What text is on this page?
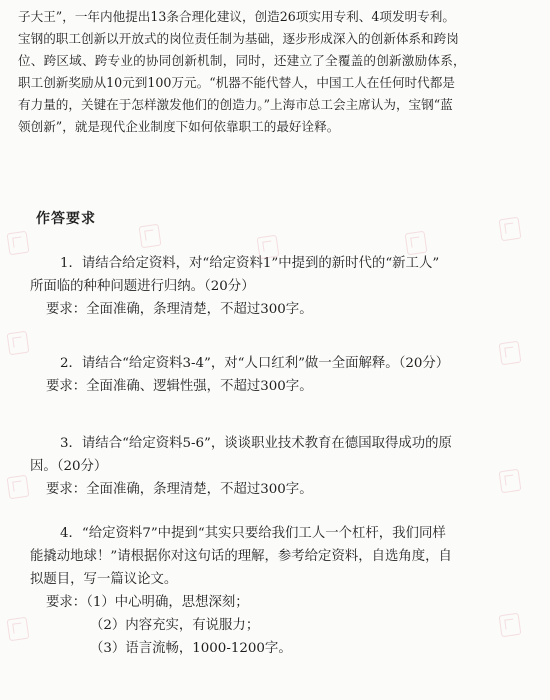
子大王”，一年内他提出13条合理化建议，创造26项实用专利、4项发明专利。
宝钢的职工创新以开放式的岗位责任制为基础，逐步形成深入的创新体系和跨岗
位、跨区域、跨专业的协同创新机制，同时，还建立了全覆盖的创新激励体系，
职工创新奖励从10元到100万元。“机器不能代替人，中国工人在任何时代都是
有力量的，关键在于怎样激发他们的创造力。”上海市总工会主席认为，宝钢“蓝
领创新”，就是现代企业制度下如何依靠职工的最好诠释。
作答要求
1．请结合给定资料，对“给定资料1”中提到的新时代的“新工人”
所面临的种种问题进行归纳。（20分）
要求：全面准确，条理清楚，不超过300字。
2．请结合“给定资料3-4”，对“人口红利”做一全面解释。（20分）
要求：全面准确、逻辑性强，不超过300字。
3．请结合“给定资料5-6”，谈谈职业技术教育在德国取得成功的原
因。（20分）
要求：全面准确，条理清楚，不超过300字。
4．“给定资料7”中提到“其实只要给我们工人一个杠杆，我们同样
能撬动地球！”请根据你对这句话的理解，参考给定资料，自选角度，自
拟题目，写一篇议论文。
要求：（1）中心明确，思想深刻；
（2）内容充实，有说服力；
（3）语言流畅，1000-1200字。
